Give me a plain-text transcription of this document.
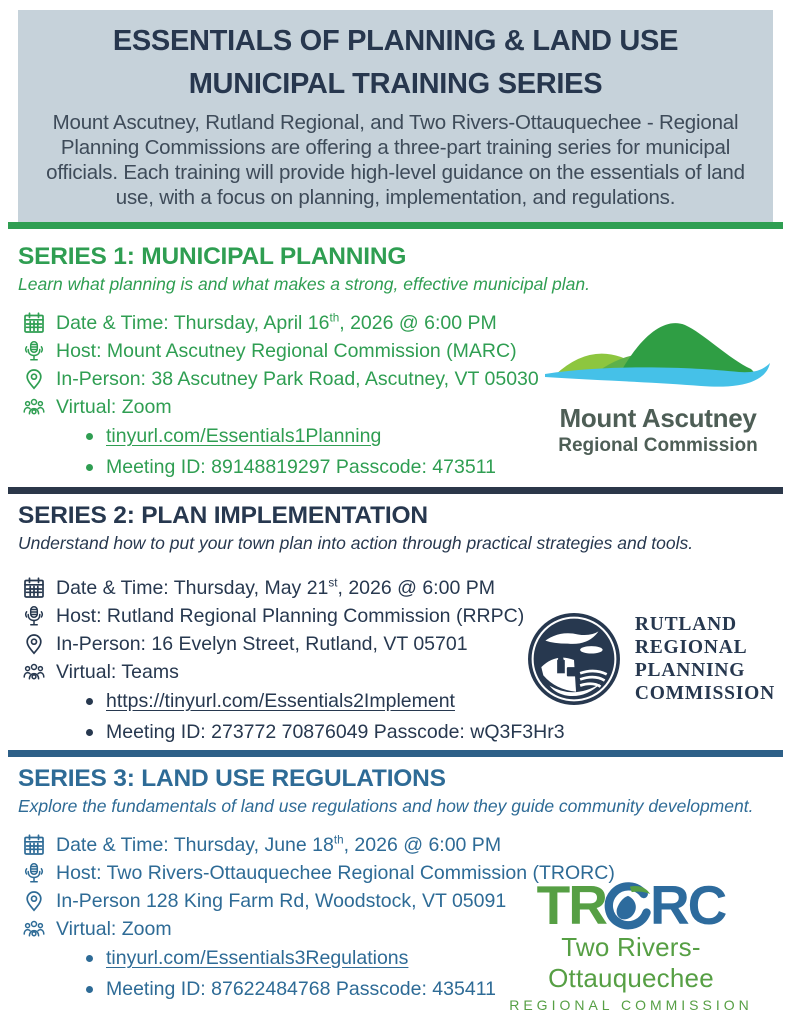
ESSENTIALS OF PLANNING & LAND USE
MUNICIPAL TRAINING SERIES
Mount Ascutney, Rutland Regional, and Two Rivers-Ottauquechee - Regional Planning Commissions are offering a three-part training series for municipal officials. Each training will provide high-level guidance on the essentials of land use, with a focus on planning, implementation, and regulations.
SERIES 1: MUNICIPAL PLANNING
Learn what planning is and what makes a strong, effective municipal plan.
Date & Time: Thursday, April 16th, 2026 @ 6:00 PM
Host: Mount Ascutney Regional Commission (MARC)
In-Person: 38 Ascutney Park Road, Ascutney, VT 05030
Virtual: Zoom
tinyurl.com/Essentials1Planning
Meeting ID: 89148819297 Passcode: 473511
Mount Ascutney
Regional Commission
SERIES 2: PLAN IMPLEMENTATION
Understand how to put your town plan into action through practical strategies and tools.
Date & Time: Thursday, May 21st, 2026 @ 6:00 PM
Host: Rutland Regional Planning Commission (RRPC)
In-Person: 16 Evelyn Street, Rutland, VT 05701
Virtual: Teams
https://tinyurl.com/Essentials2Implement
Meeting ID: 273772 70876049 Passcode: wQ3F3Hr3
RUTLAND
REGIONAL
PLANNING
COMMISSION
SERIES 3: LAND USE REGULATIONS
Explore the fundamentals of land use regulations and how they guide community development.
Date & Time: Thursday, June 18th, 2026 @ 6:00 PM
Host: Two Rivers-Ottauquechee Regional Commission (TRORC)
In-Person 128 King Farm Rd, Woodstock, VT 05091
Virtual: Zoom
tinyurl.com/Essentials3Regulations
Meeting ID: 87622484768 Passcode: 435411
TR RC
Two Rivers-Ottauquechee
REGIONAL COMMISSION
